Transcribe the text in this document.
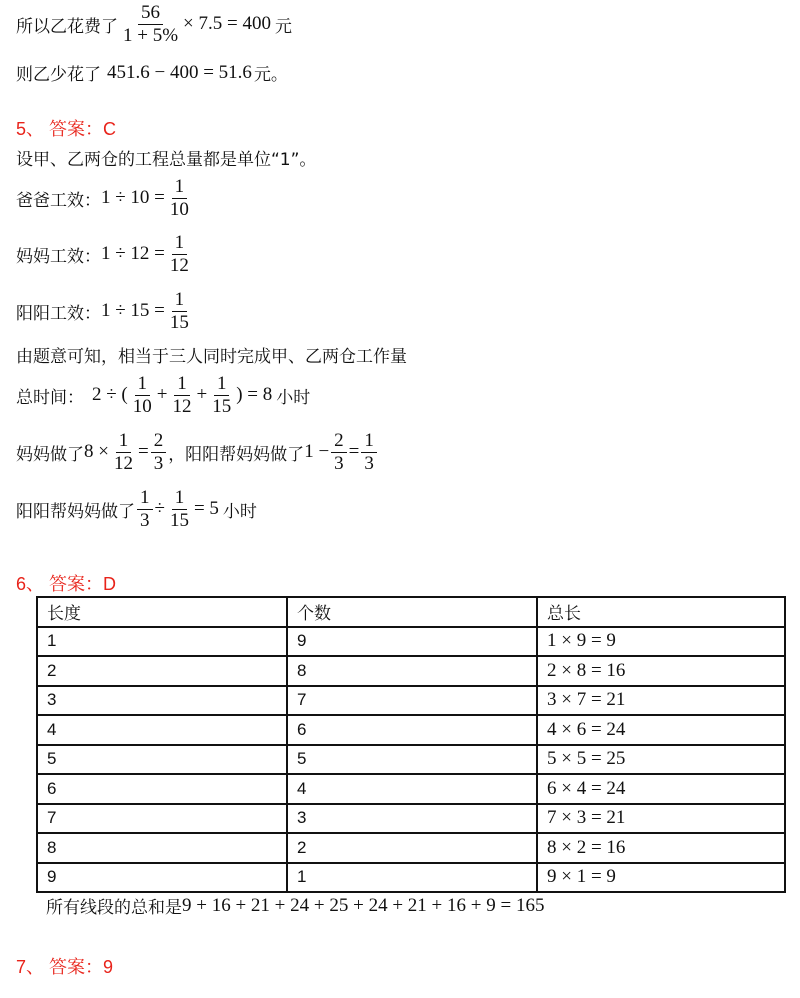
所以乙花费了 $\frac{56}{1 + 5\%} \times 7.5 = 400$ 元
则乙少花了 451.6 − 400 = 51.6 元。
5、 答案：C
设甲、乙两仓的工程总量都是单位“1”。
爸爸工效： $1 \div 10 = \frac{1}{10}$
妈妈工效： $1 \div 12 = \frac{1}{12}$
阳阳工效： $1 \div 15 = \frac{1}{15}$
由题意可知，相当于三人同时完成甲、乙两仓工作量
总时间： 2 ÷ ( $\frac{1}{10} + \frac{1}{12} + \frac{1}{15}$ ) = 8 小时
妈妈做了 $8 \times \frac{1}{12} = \frac{2}{3}$ ，阳阳帮妈妈做了 $1 - \frac{2}{3} = \frac{1}{3}$
阳阳帮妈妈做了 $\frac{1}{3} \div \frac{1}{15} = 5$ 小时
6、 答案：D
长度	个数	总长
1	9	1 × 9 = 9
2	8	2 × 8 = 16
3	7	3 × 7 = 21
4	6	4 × 6 = 24
5	5	5 × 5 = 25
6	4	6 × 4 = 24
7	3	7 × 3 = 21
8	2	8 × 2 = 16
9	1	9 × 1 = 9
所有线段的总和是 9 + 16 + 21 + 24 + 25 + 24 + 21 + 16 + 9 = 165
7、 答案：9
